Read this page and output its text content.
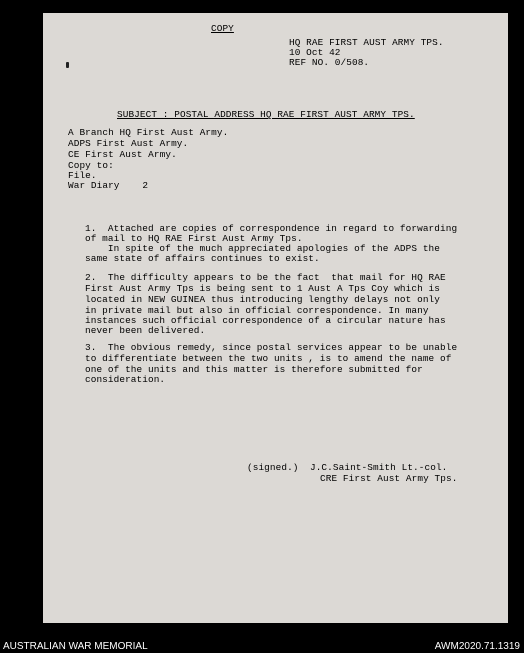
COPY
HQ RAE FIRST AUST ARMY TPS.
10 Oct 42
REF NO. 0/508.
SUBJECT : POSTAL ADDRESS HQ RAE FIRST AUST ARMY TPS.
A Branch HQ First Aust Army.
ADPS First Aust Army.
CE First Aust Army.
Copy to:
File.
War Diary    2
1.  Attached are copies of correspondence in regard to forwarding
of mail to HQ RAE First Aust Army Tps.
In spite of the much appreciated apologies of the ADPS the
same state of affairs continues to exist.
2.  The difficulty appears to be the fact  that mail for HQ RAE
First Aust Army Tps is being sent to 1 Aust A Tps Coy which is
located in NEW GUINEA thus introducing lengthy delays not only
in private mail but also in official correspondence. In many
instances such official correspondence of a circular nature has
never been delivered.
3.  The obvious remedy, since postal services appear to be unable
to differentiate between the two units , is to amend the name of
one of the units and this matter is therefore submitted for
consideration.
(signed.)  J.C.Saint-Smith Lt.-col.
CRE First Aust Army Tps.
AUSTRALIAN WAR MEMORIAL	AWM2020.71.1319
